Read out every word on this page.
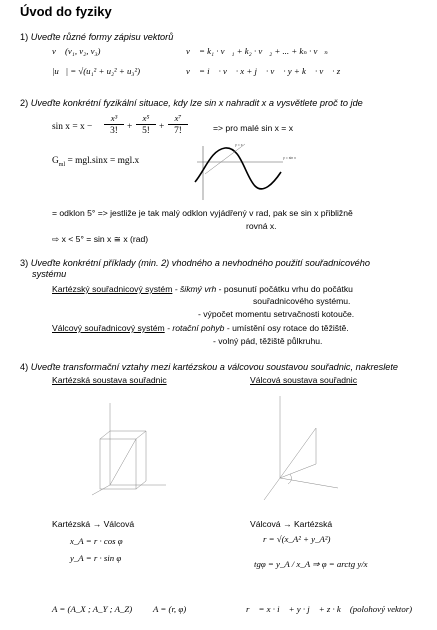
Úvod do fyziky
1) Uveďte různé formy zápisu vektorů
v⃗ (v₁, v₂, v₃)	v⃗ = k₁ · v⃗₁ + k₂ · v⃗₂ + ... + kₙ · v⃗ₙ
|u⃗| = √(u₁² + u₂² + u₃²)	v⃗ = i⃗ · v⃗ · x + j⃗ · v⃗ · y + k⃗ · v⃗ · z
2) Uveďte konkrétní fyzikální situace, kdy lze sin x nahradit x a vysvětlete proč to jde
$\sin x = x - \frac{\text{x³}}{3!} + \frac{\text{x⁵}}{5!} + \frac{\text{x⁷}}{7!}$	=> pro malé sin x = x
$G_{ml} = mgl.\sin x = mgl.x$
y = x
y = sin x
= odklon 5° => jestliže je tak malý odklon vyjádřený v rad, pak se sin x přibližně
rovná x.
⇨ x < 5° = sin x ≅ x (rad)
3) Uveďte konkrétní příklady (min. 2) vhodného a nevhodného použití souřadnicového
systému
Kartézský souřadnicový systém - šikmý vrh - posunutí počátku vrhu do počátku
souřadnicového systému.
- výpočet momentu setrvačnosti kotouče.
Válcový souřadnicový systém - rotační pohyb - umístění osy rotace do těžiště.
- volný pád, těžiště půlkruhu.
4) Uveďte transformační vztahy mezi kartézskou a válcovou soustavou souřadnic, nakreslete
Kartézská soustava souřadnic	Válcová soustava souřadnic
Kartézská → Válcová	Válcová → Kartézská
x_A = r · cos φ
y_A = r · sin φ
r = √(x_A² + y_A²)
tgφ = y_A / x_A ⇒ φ = arctg y/x
A = (A_X ; A_Y ; A_Z) A = (r, φ)	r⃗ = x · i⃗ + y · j⃗ + z · k⃗ (polohový vektor)
